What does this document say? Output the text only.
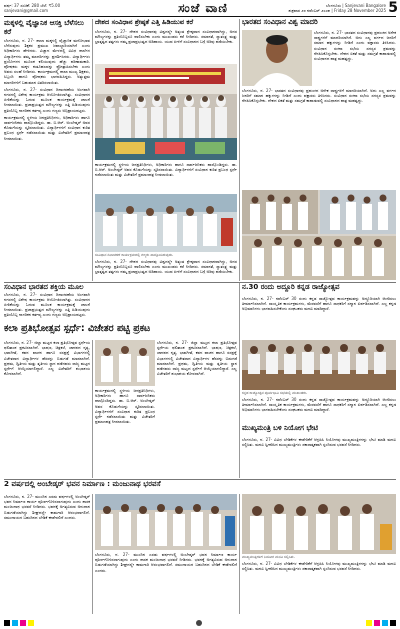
ವರ್ಷ: 37 ಸಂಚಿಕೆ: 280 ಬೆಲೆ: ₹5.00
sanjevani@gmail.com	ಸಂಜೆ ವಾಣಿ	ಬೆಂಗಳೂರು | Sanjevani Bangalore
ಶುಕ್ರವಾರ ೨೮ ನವೆಂಬರ್ ೨೦೨೫ | Friday 28 November 2025 5
ಮಕ್ಕಳಲ್ಲಿ ವೈಜ್ಞಾನಿಕ ಆಸಕ್ತಿ ಬೆಳೆಸಲು ಕರೆ
ಬೆಂಗಳೂರು, ನ. 27- ಶಾಲಾ ಮಕ್ಕಳಲ್ಲಿ ವೈಜ್ಞಾನಿಕ ಮನೋಭಾವ ಬೆಳೆಸುವುದು ಶಿಕ್ಷಕರ ಪ್ರಮುಖ ಜವಾಬ್ದಾರಿಯಾಗಿದೆ ಎಂದು ಅಧಿಕಾರಿಗಳು ಹೇಳಿದರು. ವಿಜ್ಞಾನ ಮೇಳದಲ್ಲಿ ವಿವಿಧ ಶಾಲೆಗಳ ವಿದ್ಯಾರ್ಥಿಗಳು ತಮ್ಮ ಮಾದರಿಗಳನ್ನು ಪ್ರದರ್ಶಿಸಿದರು. ವಿದ್ಯಾರ್ಥಿಗಳು ಪ್ರಯೋಗಗಳ ಮೂಲಕ ಕಲಿಯುವುದು ಹೆಚ್ಚು ಪರಿಣಾಮಕಾರಿ. ಪೋಷಕರು ಮಕ್ಕಳ ಕುತೂಹಲವನ್ನು ಪ್ರೋತ್ಸಾಹಿಸಬೇಕು ಎಂದು ಅವರು ಸಲಹೆ ನೀಡಿದರು. ಕಾರ್ಯಕ್ರಮದಲ್ಲಿ ಶಾಲಾ ಮುಖ್ಯ ಶಿಕ್ಷಕರು, ಸಿಬ್ಬಂದಿ ಹಾಗೂ ಪೋಷಕರು ಭಾಗವಹಿಸಿದ್ದರು. ಅತ್ಯುತ್ತಮ ಮಾದರಿಗಳಿಗೆ ಬಹುಮಾನ ವಿತರಿಸಲಾಯಿತು.
ಬೆಂಗಳೂರು, ನ. 27- ಸಂವಿಧಾನ ದಿನಾಚರಣೆಯ ಅಂಗವಾಗಿ ನಗರದಲ್ಲಿ ವಿಶೇಷ ಕಾರ್ಯಕ್ರಮ ಆಯೋಜಿಸಲಾಗಿತ್ತು. ಸಂವಿಧಾನದ ಪೀಠಿಕೆಯನ್ನು ಓದುವ ಮೂಲಕ ಕಾರ್ಯಕ್ರಮಕ್ಕೆ ಚಾಲನೆ ನೀಡಲಾಯಿತು. ಪ್ರಜಾಪ್ರಭುತ್ವದ ಮೌಲ್ಯಗಳನ್ನು ಎತ್ತಿ ಹಿಡಿಯುವುದು ಪ್ರತಿಯೊಬ್ಬ ನಾಗರಿಕನ ಕರ್ತವ್ಯ ಎಂದು ಗಣ್ಯರು ಅಭಿಪ್ರಾಯಪಟ್ಟರು.
ಕಾರ್ಯಕ್ರಮದಲ್ಲಿ ಸ್ಥಳೀಯ ಜನಪ್ರತಿನಿಧಿಗಳು, ಅಧಿಕಾರಿಗಳು ಹಾಗೂ ಸಾರ್ವಜನಿಕರು ಪಾಲ್ಗೊಂಡಿದ್ದರು. ಡಾ. ಬಿ.ಆರ್. ಅಂಬೇಡ್ಕರ್ ಅವರ ಕೊಡುಗೆಯನ್ನು ಸ್ಮರಿಸಲಾಯಿತು. ವಿದ್ಯಾರ್ಥಿಗಳಿಗೆ ಸಂವಿಧಾನ ಕುರಿತ ಪ್ರಬಂಧ ಸ್ಪರ್ಧೆ ನಡೆಸಲಾಯಿತು ಮತ್ತು ವಿಜೇತರಿಗೆ ಪ್ರಮಾಣಪತ್ರ ನೀಡಲಾಯಿತು.
ದೇಶದ ಸಂವಿಧಾನ ಶ್ರೇಷ್ಠತೆ ಎತ್ತಿ ಹಿಡಿಯುವ ಕರೆ
ಬೆಂಗಳೂರು, ನ. 27- ದೇಶದ ಸಂವಿಧಾನವು ವಿಶ್ವದಲ್ಲೇ ಅತ್ಯಂತ ಶ್ರೇಷ್ಠವಾದ ಸಂವಿಧಾನವಾಗಿದ್ದು, ಅದರ ಮೌಲ್ಯಗಳನ್ನು ಪ್ರತಿಯೊಬ್ಬರೂ ಪಾಲಿಸಬೇಕು ಎಂದು ಮುಖಂಡರು ಕರೆ ನೀಡಿದರು. ಸಮಾನತೆ, ಸ್ವಾತಂತ್ರ್ಯ ಮತ್ತು ಭ್ರಾತೃತ್ವದ ತತ್ವಗಳು ನಮ್ಮ ಪ್ರಜಾಪ್ರಭುತ್ವದ ಅಡಿಪಾಯ. ಯುವ ಪೀಳಿಗೆ ಸಂವಿಧಾನದ ಬಗ್ಗೆ ಅರಿವು ಪಡೆಯಬೇಕು.
ಕಾರ್ಯಕ್ರಮದಲ್ಲಿ ಸ್ಥಳೀಯ ಜನಪ್ರತಿನಿಧಿಗಳು, ಅಧಿಕಾರಿಗಳು ಹಾಗೂ ಸಾರ್ವಜನಿಕರು ಪಾಲ್ಗೊಂಡಿದ್ದರು. ಡಾ. ಬಿ.ಆರ್. ಅಂಬೇಡ್ಕರ್ ಅವರ ಕೊಡುಗೆಯನ್ನು ಸ್ಮರಿಸಲಾಯಿತು. ವಿದ್ಯಾರ್ಥಿಗಳಿಗೆ ಸಂವಿಧಾನ ಕುರಿತ ಪ್ರಬಂಧ ಸ್ಪರ್ಧೆ ನಡೆಸಲಾಯಿತು ಮತ್ತು ವಿಜೇತರಿಗೆ ಪ್ರಮಾಣಪತ್ರ ನೀಡಲಾಯಿತು.
ಭಾರತದ ಸಂವಿಧಾನ ವಿಶ್ವ ಮಾದರಿ
ಬೆಂಗಳೂರು, ನ. 27- ಭಾರತದ ಸಂವಿಧಾನವು ಪ್ರಪಂಚದ ಅನೇಕ ರಾಷ್ಟ್ರಗಳಿಗೆ ಮಾದರಿಯಾಗಿದೆ. ಅದು ಎಲ್ಲ ವರ್ಗದ ಜನರಿಗೆ ಸಮಾನ ಹಕ್ಕುಗಳನ್ನು ನೀಡಿದೆ ಎಂದು ವಕ್ತಾರರು ತಿಳಿಸಿದರು. ಸಂವಿಧಾನ ರಚನಾ ಸಭೆಯ ಸದಸ್ಯರ ಶ್ರಮವನ್ನು ನೆನಪಿಸಿಕೊಳ್ಳಬೇಕು. ದೇಶದ ಏಕತೆ ಮತ್ತು ಸಮಗ್ರತೆ ಕಾಪಾಡುವಲ್ಲಿ ಸಂವಿಧಾನದ ಪಾತ್ರ ಮಹತ್ವದ್ದು.
ಬೆಂಗಳೂರು, ನ. 27- ಭಾರತದ ಸಂವಿಧಾನವು ಪ್ರಪಂಚದ ಅನೇಕ ರಾಷ್ಟ್ರಗಳಿಗೆ ಮಾದರಿಯಾಗಿದೆ. ಅದು ಎಲ್ಲ ವರ್ಗದ ಜನರಿಗೆ ಸಮಾನ ಹಕ್ಕುಗಳನ್ನು ನೀಡಿದೆ ಎಂದು ವಕ್ತಾರರು ತಿಳಿಸಿದರು. ಸಂವಿಧಾನ ರಚನಾ ಸಭೆಯ ಸದಸ್ಯರ ಶ್ರಮವನ್ನು ನೆನಪಿಸಿಕೊಳ್ಳಬೇಕು. ದೇಶದ ಏಕತೆ ಮತ್ತು ಸಮಗ್ರತೆ ಕಾಪಾಡುವಲ್ಲಿ ಸಂವಿಧಾನದ ಪಾತ್ರ ಮಹತ್ವದ್ದು.
ಸಂವಿಧಾನ ಭಾರತದ ಶಕ್ತಿಯ ಮೂಲ
ಬೆಂಗಳೂರು, ನ. 27- ಸಂವಿಧಾನ ದಿನಾಚರಣೆಯ ಅಂಗವಾಗಿ ನಗರದಲ್ಲಿ ವಿಶೇಷ ಕಾರ್ಯಕ್ರಮ ಆಯೋಜಿಸಲಾಗಿತ್ತು. ಸಂವಿಧಾನದ ಪೀಠಿಕೆಯನ್ನು ಓದುವ ಮೂಲಕ ಕಾರ್ಯಕ್ರಮಕ್ಕೆ ಚಾಲನೆ ನೀಡಲಾಯಿತು. ಪ್ರಜಾಪ್ರಭುತ್ವದ ಮೌಲ್ಯಗಳನ್ನು ಎತ್ತಿ ಹಿಡಿಯುವುದು ಪ್ರತಿಯೊಬ್ಬ ನಾಗರಿಕನ ಕರ್ತವ್ಯ ಎಂದು ಗಣ್ಯರು ಅಭಿಪ್ರಾಯಪಟ್ಟರು.
ಸಂವಿಧಾನ ದಿನಾಚರಣೆ ಕಾರ್ಯಕ್ರಮದಲ್ಲಿ ಗಣ್ಯರು ಪಾಲ್ಗೊಂಡಿರುವುದು.
ಬೆಂಗಳೂರು, ನ. 27- ದೇಶದ ಸಂವಿಧಾನವು ವಿಶ್ವದಲ್ಲೇ ಅತ್ಯಂತ ಶ್ರೇಷ್ಠವಾದ ಸಂವಿಧಾನವಾಗಿದ್ದು, ಅದರ ಮೌಲ್ಯಗಳನ್ನು ಪ್ರತಿಯೊಬ್ಬರೂ ಪಾಲಿಸಬೇಕು ಎಂದು ಮುಖಂಡರು ಕರೆ ನೀಡಿದರು. ಸಮಾನತೆ, ಸ್ವಾತಂತ್ರ್ಯ ಮತ್ತು ಭ್ರಾತೃತ್ವದ ತತ್ವಗಳು ನಮ್ಮ ಪ್ರಜಾಪ್ರಭುತ್ವದ ಅಡಿಪಾಯ. ಯುವ ಪೀಳಿಗೆ ಸಂವಿಧಾನದ ಬಗ್ಗೆ ಅರಿವು ಪಡೆಯಬೇಕು.
ಕಲಾ ಪ್ರತಿಭೋತ್ಸವ ಸ್ಪರ್ಧೆ: ವಿಜೇತರ ಪಟ್ಟಿ ಪ್ರಕಟ
ಬೆಂಗಳೂರು, ನ. 27- ಜಿಲ್ಲಾ ಮಟ್ಟದ ಕಲಾ ಪ್ರತಿಭೋತ್ಸವ ಸ್ಪರ್ಧೆಯ ಫಲಿತಾಂಶ ಪ್ರಕಟಿಸಲಾಗಿದೆ. ಭಾಷಣ, ಚಿತ್ರಕಲೆ, ಜಾನಪದ ನೃತ್ಯ, ಭಾವಗೀತೆ, ಕವನ ವಾಚನ ಹಾಗೂ ರಸಪ್ರಶ್ನೆ ವಿಭಾಗಗಳಲ್ಲಿ ವಿಜೇತರಾದ ವಿದ್ಯಾರ್ಥಿಗಳ ಹೆಸರನ್ನು ಬಿಡುಗಡೆ ಮಾಡಲಾಗಿದೆ. ಪ್ರಥಮ, ದ್ವಿತೀಯ ಮತ್ತು ತೃತೀಯ ಸ್ಥಾನ ಪಡೆದವರು ರಾಜ್ಯ ಮಟ್ಟದ ಸ್ಪರ್ಧೆಗೆ ಆಯ್ಕೆಯಾಗಲಿದ್ದಾರೆ. ಎಲ್ಲ ವಿಜೇತರಿಗೆ ಶುಭಾಶಯ ಕೋರಲಾಗಿದೆ.
ಬೆಂಗಳೂರು, ನ. 27- ಜಿಲ್ಲಾ ಮಟ್ಟದ ಕಲಾ ಪ್ರತಿಭೋತ್ಸವ ಸ್ಪರ್ಧೆಯ ಫಲಿತಾಂಶ ಪ್ರಕಟಿಸಲಾಗಿದೆ. ಭಾಷಣ, ಚಿತ್ರಕಲೆ, ಜಾನಪದ ನೃತ್ಯ, ಭಾವಗೀತೆ, ಕವನ ವಾಚನ ಹಾಗೂ ರಸಪ್ರಶ್ನೆ ವಿಭಾಗಗಳಲ್ಲಿ ವಿಜೇತರಾದ ವಿದ್ಯಾರ್ಥಿಗಳ ಹೆಸರನ್ನು ಬಿಡುಗಡೆ ಮಾಡಲಾಗಿದೆ. ಪ್ರಥಮ, ದ್ವಿತೀಯ ಮತ್ತು ತೃತೀಯ ಸ್ಥಾನ ಪಡೆದವರು ರಾಜ್ಯ ಮಟ್ಟದ ಸ್ಪರ್ಧೆಗೆ ಆಯ್ಕೆಯಾಗಲಿದ್ದಾರೆ. ಎಲ್ಲ ವಿಜೇತರಿಗೆ ಶುಭಾಶಯ ಕೋರಲಾಗಿದೆ.
ಕಾರ್ಯಕ್ರಮದಲ್ಲಿ ಸ್ಥಳೀಯ ಜನಪ್ರತಿನಿಧಿಗಳು, ಅಧಿಕಾರಿಗಳು ಹಾಗೂ ಸಾರ್ವಜನಿಕರು ಪಾಲ್ಗೊಂಡಿದ್ದರು. ಡಾ. ಬಿ.ಆರ್. ಅಂಬೇಡ್ಕರ್ ಅವರ ಕೊಡುಗೆಯನ್ನು ಸ್ಮರಿಸಲಾಯಿತು. ವಿದ್ಯಾರ್ಥಿಗಳಿಗೆ ಸಂವಿಧಾನ ಕುರಿತ ಪ್ರಬಂಧ ಸ್ಪರ್ಧೆ ನಡೆಸಲಾಯಿತು ಮತ್ತು ವಿಜೇತರಿಗೆ ಪ್ರಮಾಣಪತ್ರ ನೀಡಲಾಯಿತು.
ನ.30 ರಂದು ಅದ್ದೂರಿ ಕನ್ನಡ ರಾಜ್ಯೋತ್ಸವ
ಬೆಂಗಳೂರು, ನ. 27- ನವೆಂಬರ್ 30 ರಂದು ಕನ್ನಡ ರಾಜ್ಯೋತ್ಸವ ಕಾರ್ಯಕ್ರಮವನ್ನು ಅದ್ದೂರಿಯಾಗಿ ಆಚರಿಸಲು ತೀರ್ಮಾನಿಸಲಾಗಿದೆ. ಸಾಂಸ್ಕೃತಿಕ ಕಾರ್ಯಕ್ರಮಗಳು, ಮೆರವಣಿಗೆ ಹಾಗೂ ಸಾಧಕರಿಗೆ ಸನ್ಮಾನ ಏರ್ಪಡಿಸಲಾಗಿದೆ. ಎಲ್ಲ ಕನ್ನಡ ಅಭಿಮಾನಿಗಳು ಭಾಗವಹಿಸಬೇಕೆಂದು ಸಂಘಟಕರು ಮನವಿ ಮಾಡಿದ್ದಾರೆ.
ಕನ್ನಡ ರಾಜ್ಯೋತ್ಸವ ಪೂರ್ವಭಾವಿ ಸಭೆಯಲ್ಲಿ ಮುಖಂಡರು.
ಬೆಂಗಳೂರು, ನ. 27- ನವೆಂಬರ್ 30 ರಂದು ಕನ್ನಡ ರಾಜ್ಯೋತ್ಸವ ಕಾರ್ಯಕ್ರಮವನ್ನು ಅದ್ದೂರಿಯಾಗಿ ಆಚರಿಸಲು ತೀರ್ಮಾನಿಸಲಾಗಿದೆ. ಸಾಂಸ್ಕೃತಿಕ ಕಾರ್ಯಕ್ರಮಗಳು, ಮೆರವಣಿಗೆ ಹಾಗೂ ಸಾಧಕರಿಗೆ ಸನ್ಮಾನ ಏರ್ಪಡಿಸಲಾಗಿದೆ. ಎಲ್ಲ ಕನ್ನಡ ಅಭಿಮಾನಿಗಳು ಭಾಗವಹಿಸಬೇಕೆಂದು ಸಂಘಟಕರು ಮನವಿ ಮಾಡಿದ್ದಾರೆ.
ಮುಖ್ಯಮಂತ್ರಿ ಬಳಿ ನಿಯೋಗ ಭೇಟಿ
ಬೆಂಗಳೂರು, ನ. 27- ವಿವಿಧ ಬೇಡಿಕೆಗಳ ಈಡೇರಿಕೆಗೆ ಆಗ್ರಹಿಸಿ ನಿಯೋಗವು ಮುಖ್ಯಮಂತ್ರಿಗಳನ್ನು ಭೇಟಿ ಮಾಡಿ ಮನವಿ ಸಲ್ಲಿಸಿತು. ಮನವಿ ಸ್ವೀಕರಿಸಿದ ಮುಖ್ಯಮಂತ್ರಿಗಳು ಸಕಾರಾತ್ಮಕವಾಗಿ ಸ್ಪಂದಿಸುವ ಭರವಸೆ ನೀಡಿದರು.
2 ವರ್ಷದಲ್ಲಿ ಅಂಬೇಡ್ಕರ್ ಭವನ ನಿರ್ಮಾಣ : ಮಂಜುನಾಥ ಭರವಸೆ
ಬೆಂಗಳೂರು, ನ. 27- ಮುಂದಿನ ಎರಡು ವರ್ಷಗಳಲ್ಲಿ ಅಂಬೇಡ್ಕರ್ ಭವನ ನಿರ್ಮಾಣ ಕಾರ್ಯ ಪೂರ್ಣಗೊಳಿಸಲಾಗುವುದು ಎಂದು ಶಾಸಕ ಮಂಜುನಾಥ ಭರವಸೆ ನೀಡಿದರು. ಭವನಕ್ಕೆ ಅಗತ್ಯವಿರುವ ಅನುದಾನ ಬಿಡುಗಡೆಯಾಗಿದ್ದು ಶೀಘ್ರದಲ್ಲೇ ಕಾಮಗಾರಿ ಆರಂಭವಾಗಲಿದೆ. ಸಮುದಾಯದ ಬಹುದಿನದ ಬೇಡಿಕೆ ಈಡೇರಲಿದೆ ಎಂದರು.
ಬೆಂಗಳೂರು, ನ. 27- ಮುಂದಿನ ಎರಡು ವರ್ಷಗಳಲ್ಲಿ ಅಂಬೇಡ್ಕರ್ ಭವನ ನಿರ್ಮಾಣ ಕಾರ್ಯ ಪೂರ್ಣಗೊಳಿಸಲಾಗುವುದು ಎಂದು ಶಾಸಕ ಮಂಜುನಾಥ ಭರವಸೆ ನೀಡಿದರು. ಭವನಕ್ಕೆ ಅಗತ್ಯವಿರುವ ಅನುದಾನ ಬಿಡುಗಡೆಯಾಗಿದ್ದು ಶೀಘ್ರದಲ್ಲೇ ಕಾಮಗಾರಿ ಆರಂಭವಾಗಲಿದೆ. ಸಮುದಾಯದ ಬಹುದಿನದ ಬೇಡಿಕೆ ಈಡೇರಲಿದೆ ಎಂದರು.
ಮುಖ್ಯಮಂತ್ರಿಗಳಿಗೆ ನಿಯೋಗ ಮನವಿ ಸಲ್ಲಿಸಿತು.
ಬೆಂಗಳೂರು, ನ. 27- ವಿವಿಧ ಬೇಡಿಕೆಗಳ ಈಡೇರಿಕೆಗೆ ಆಗ್ರಹಿಸಿ ನಿಯೋಗವು ಮುಖ್ಯಮಂತ್ರಿಗಳನ್ನು ಭೇಟಿ ಮಾಡಿ ಮನವಿ ಸಲ್ಲಿಸಿತು. ಮನವಿ ಸ್ವೀಕರಿಸಿದ ಮುಖ್ಯಮಂತ್ರಿಗಳು ಸಕಾರಾತ್ಮಕವಾಗಿ ಸ್ಪಂದಿಸುವ ಭರವಸೆ ನೀಡಿದರು.
